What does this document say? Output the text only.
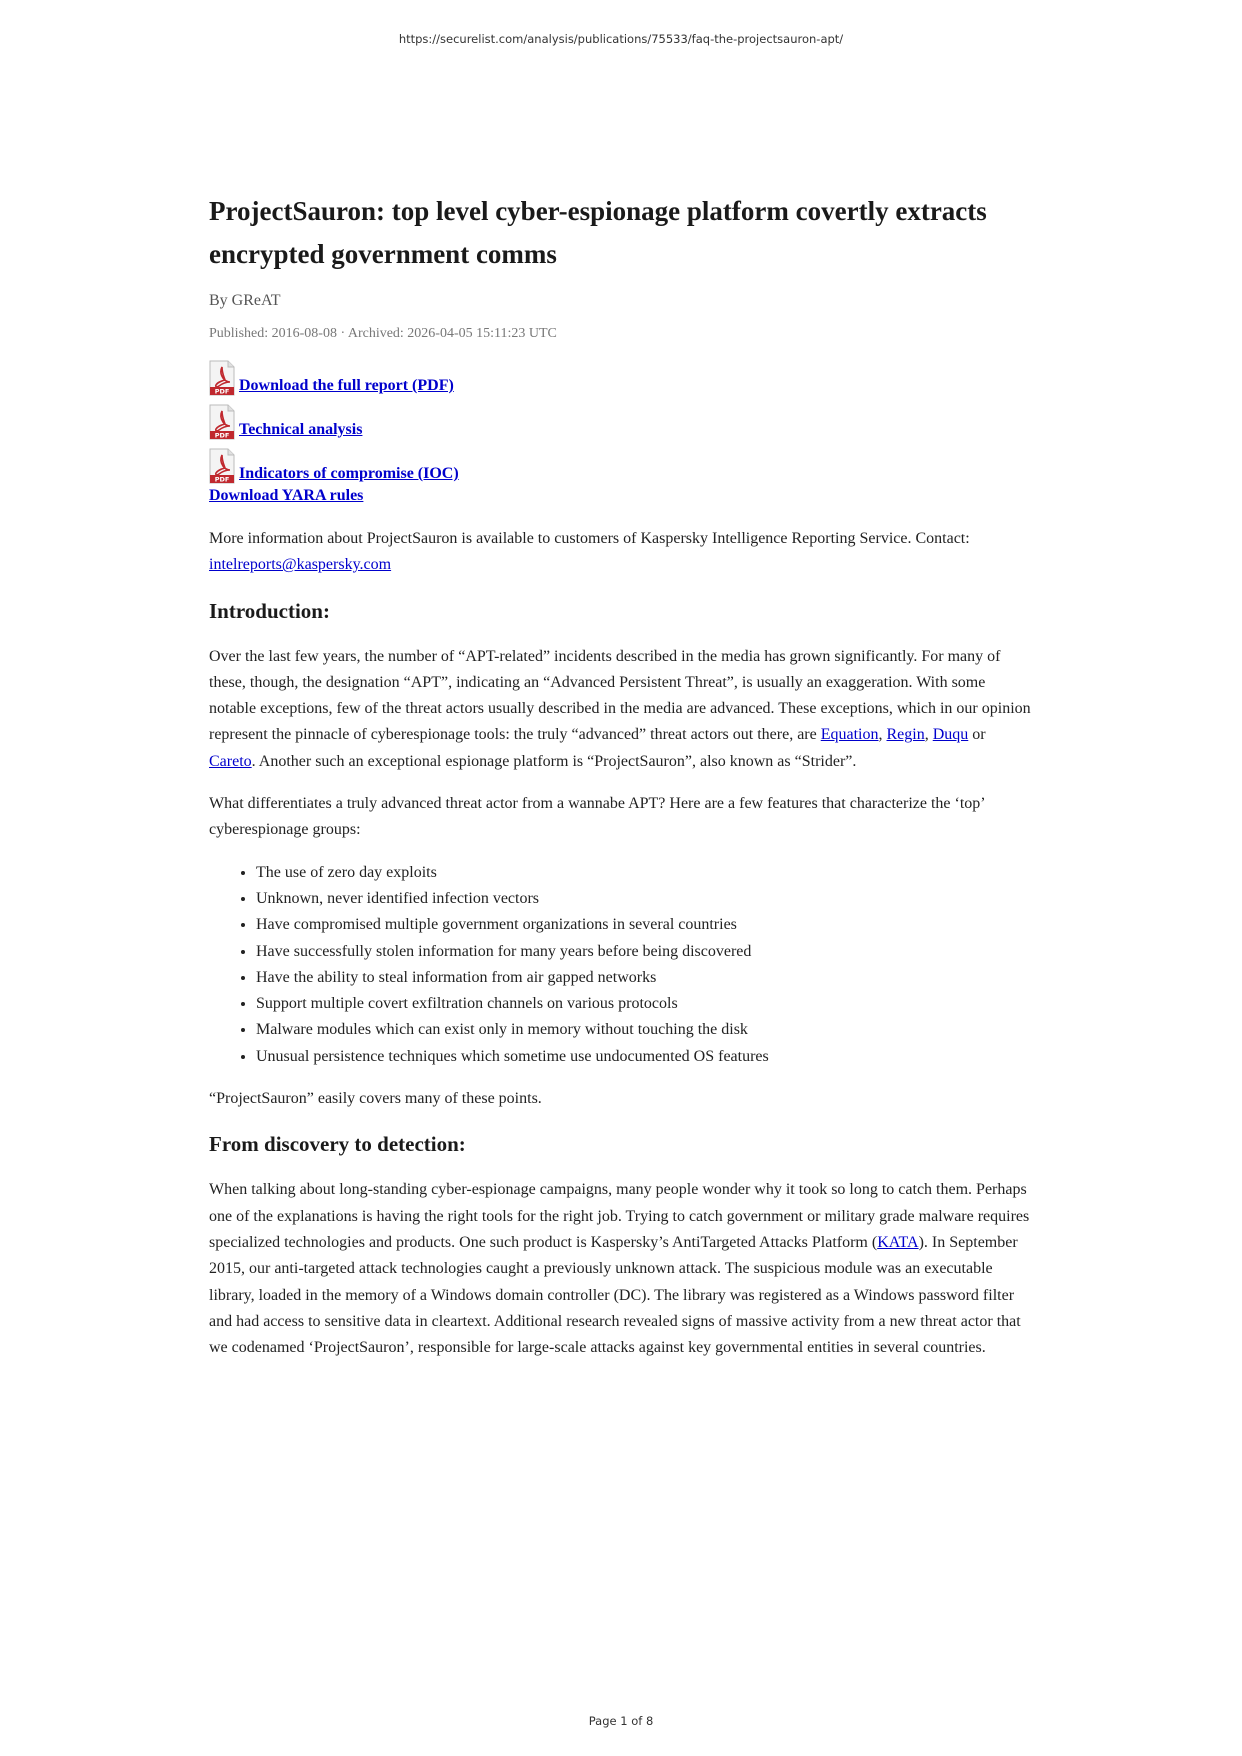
https://securelist.com/analysis/publications/75533/faq-the-projectsauron-apt/

ProjectSauron: top level cyber-espionage platform covertly extracts encrypted government comms

By GReAT

Published: 2016-08-08 · Archived: 2026-04-05 15:11:23 UTC

PDF Download the full report (PDF)
PDF Technical analysis
PDF Indicators of compromise (IOC)
Download YARA rules

More information about ProjectSauron is available to customers of Kaspersky Intelligence Reporting Service. Contact: intelreports@kaspersky.com

Introduction:

Over the last few years, the number of “APT-related” incidents described in the media has grown significantly. For many of these, though, the designation “APT”, indicating an “Advanced Persistent Threat”, is usually an exaggeration. With some notable exceptions, few of the threat actors usually described in the media are advanced. These exceptions, which in our opinion represent the pinnacle of cyberespionage tools: the truly “advanced” threat actors out there, are Equation, Regin, Duqu or Careto. Another such an exceptional espionage platform is “ProjectSauron”, also known as “Strider”.

What differentiates a truly advanced threat actor from a wannabe APT? Here are a few features that characterize the ‘top’ cyberespionage groups:

• The use of zero day exploits
• Unknown, never identified infection vectors
• Have compromised multiple government organizations in several countries
• Have successfully stolen information for many years before being discovered
• Have the ability to steal information from air gapped networks
• Support multiple covert exfiltration channels on various protocols
• Malware modules which can exist only in memory without touching the disk
• Unusual persistence techniques which sometime use undocumented OS features

“ProjectSauron” easily covers many of these points.

From discovery to detection:

When talking about long-standing cyber-espionage campaigns, many people wonder why it took so long to catch them. Perhaps one of the explanations is having the right tools for the right job. Trying to catch government or military grade malware requires specialized technologies and products. One such product is Kaspersky’s AntiTargeted Attacks Platform (KATA). In September 2015, our anti-targeted attack technologies caught a previously unknown attack. The suspicious module was an executable library, loaded in the memory of a Windows domain controller (DC). The library was registered as a Windows password filter and had access to sensitive data in cleartext. Additional research revealed signs of massive activity from a new threat actor that we codenamed ‘ProjectSauron’, responsible for large-scale attacks against key governmental entities in several countries.

Page 1 of 8
